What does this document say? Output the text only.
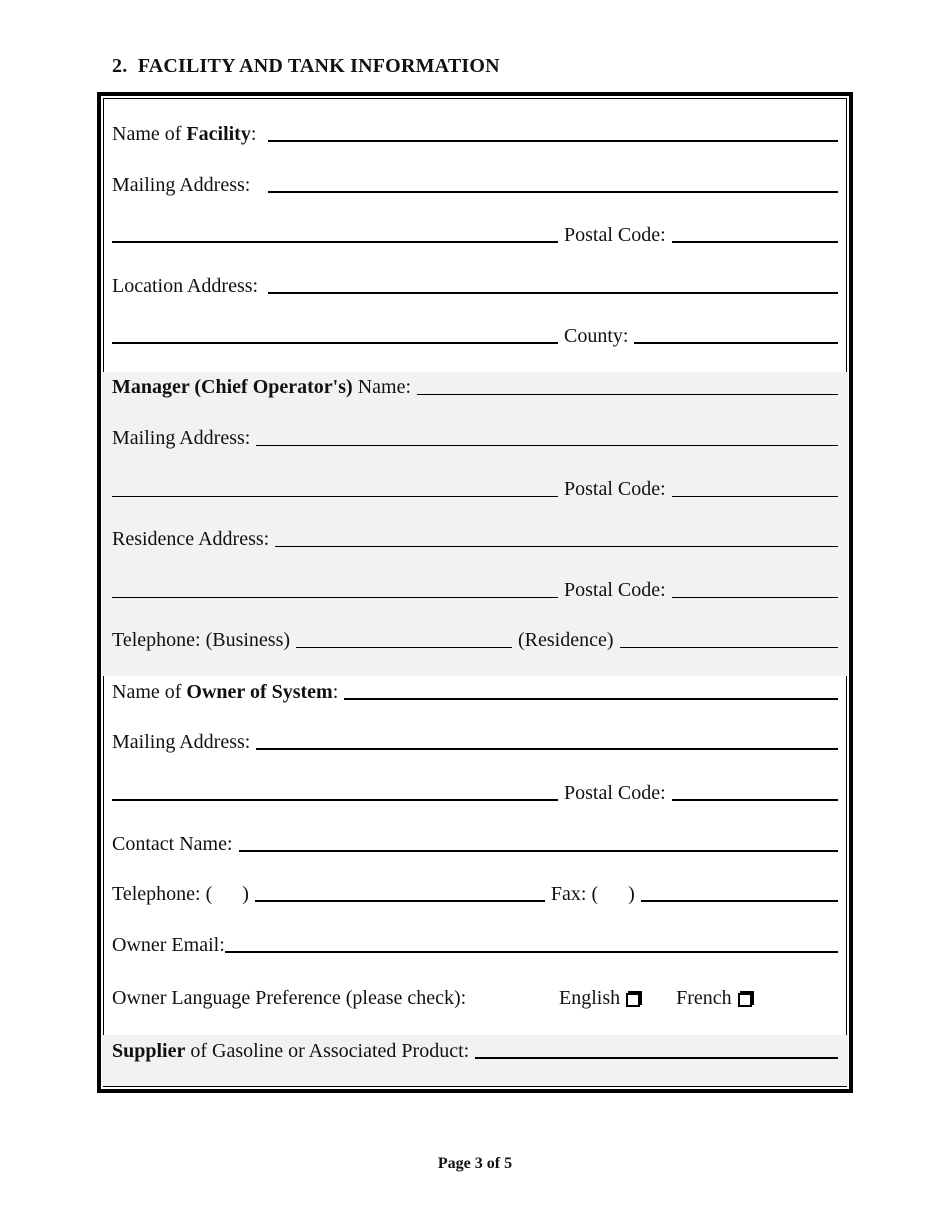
2. FACILITY AND TANK INFORMATION
Name of Facility:
Mailing Address:
Postal Code:
Location Address:
County:
Manager (Chief Operator's) Name:
Mailing Address:
Postal Code:
Residence Address:
Postal Code:
Telephone: (Business)	(Residence)
Name of Owner of System:
Mailing Address:
Postal Code:
Contact Name:
Telephone: (      )	Fax: (      )
Owner Email:
Owner Language Preference (please check):	English	French
Supplier of Gasoline or Associated Product:
Page 3 of 5
